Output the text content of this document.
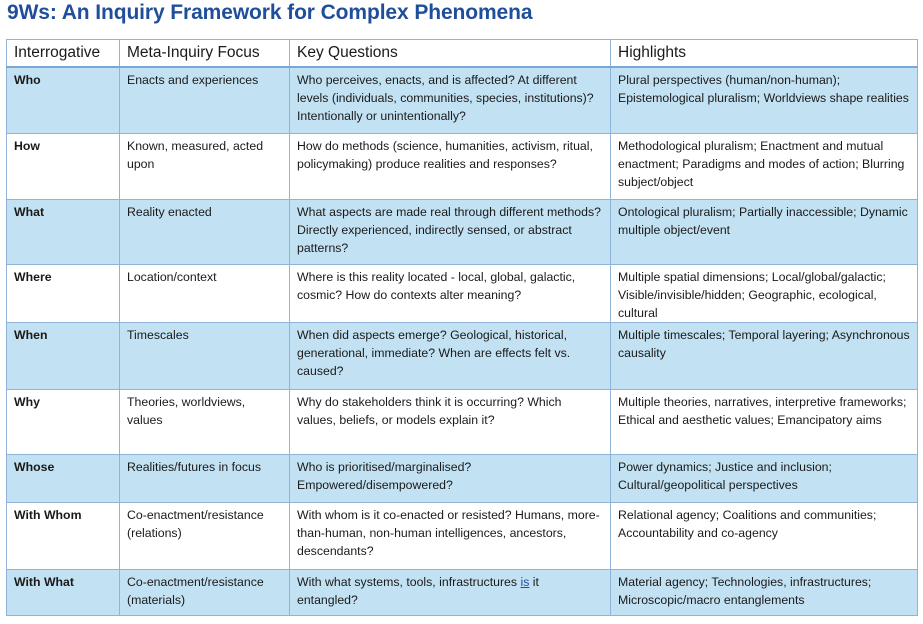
9Ws: An Inquiry Framework for Complex Phenomena
Interrogative	Meta-Inquiry Focus	Key Questions	Highlights
Who	Enacts and experiences	Who perceives, enacts, and is affected? At different levels (individuals, communities, species, institutions)? Intentionally or unintentionally?	Plural perspectives (human/non-human); Epistemological pluralism; Worldviews shape realities
How	Known, measured, acted upon	How do methods (science, humanities, activism, ritual, policymaking) produce realities and responses?	Methodological pluralism; Enactment and mutual enactment; Paradigms and modes of action; Blurring subject/object
What	Reality enacted	What aspects are made real through different methods? Directly experienced, indirectly sensed, or abstract patterns?	Ontological pluralism; Partially inaccessible; Dynamic multiple object/event
Where	Location/context	Where is this reality located - local, global, galactic, cosmic? How do contexts alter meaning?	Multiple spatial dimensions; Local/global/galactic; Visible/invisible/hidden; Geographic, ecological, cultural
When	Timescales	When did aspects emerge? Geological, historical, generational, immediate? When are effects felt vs. caused?	Multiple timescales; Temporal layering; Asynchronous causality
Why	Theories, worldviews, values	Why do stakeholders think it is occurring? Which values, beliefs, or models explain it?	Multiple theories, narratives, interpretive frameworks; Ethical and aesthetic values; Emancipatory aims
Whose	Realities/futures in focus	Who is prioritised/marginalised? Empowered/disempowered?	Power dynamics; Justice and inclusion; Cultural/geopolitical perspectives
With Whom	Co-enactment/resistance (relations)	With whom is it co-enacted or resisted? Humans, more-than-human, non-human intelligences, ancestors, descendants?	Relational agency; Coalitions and communities; Accountability and co-agency
With What	Co-enactment/resistance (materials)	With what systems, tools, infrastructures is it entangled?	Material agency; Technologies, infrastructures; Microscopic/macro entanglements
